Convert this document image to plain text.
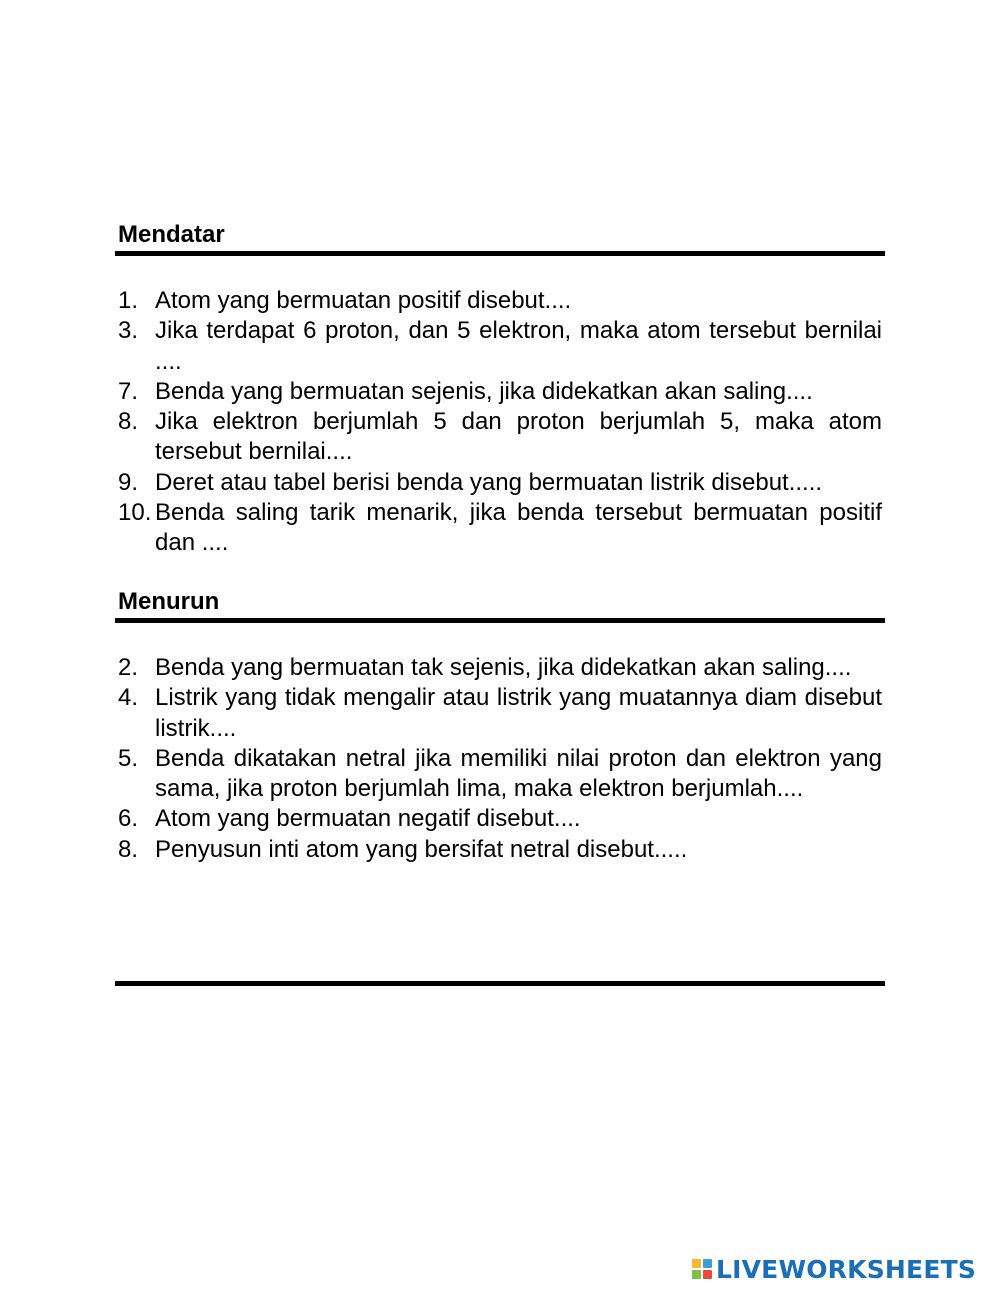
Mendatar
1. Atom yang bermuatan positif disebut....
3. Jika terdapat 6 proton, dan 5 elektron, maka atom tersebut bernilai ....
7. Benda yang bermuatan sejenis, jika didekatkan akan saling....
8. Jika elektron berjumlah 5 dan proton berjumlah 5, maka atom tersebut bernilai....
9. Deret atau tabel berisi benda yang bermuatan listrik disebut.....
10. Benda saling tarik menarik, jika benda tersebut bermuatan positif dan ....
Menurun
2. Benda yang bermuatan tak sejenis, jika didekatkan akan saling....
4. Listrik yang tidak mengalir atau listrik yang muatannya diam disebut listrik....
5. Benda dikatakan netral jika memiliki nilai proton dan elektron yang sama, jika proton berjumlah lima, maka elektron berjumlah....
6. Atom yang bermuatan negatif disebut....
8. Penyusun inti atom yang bersifat netral disebut.....
LIVEWORKSHEETS
